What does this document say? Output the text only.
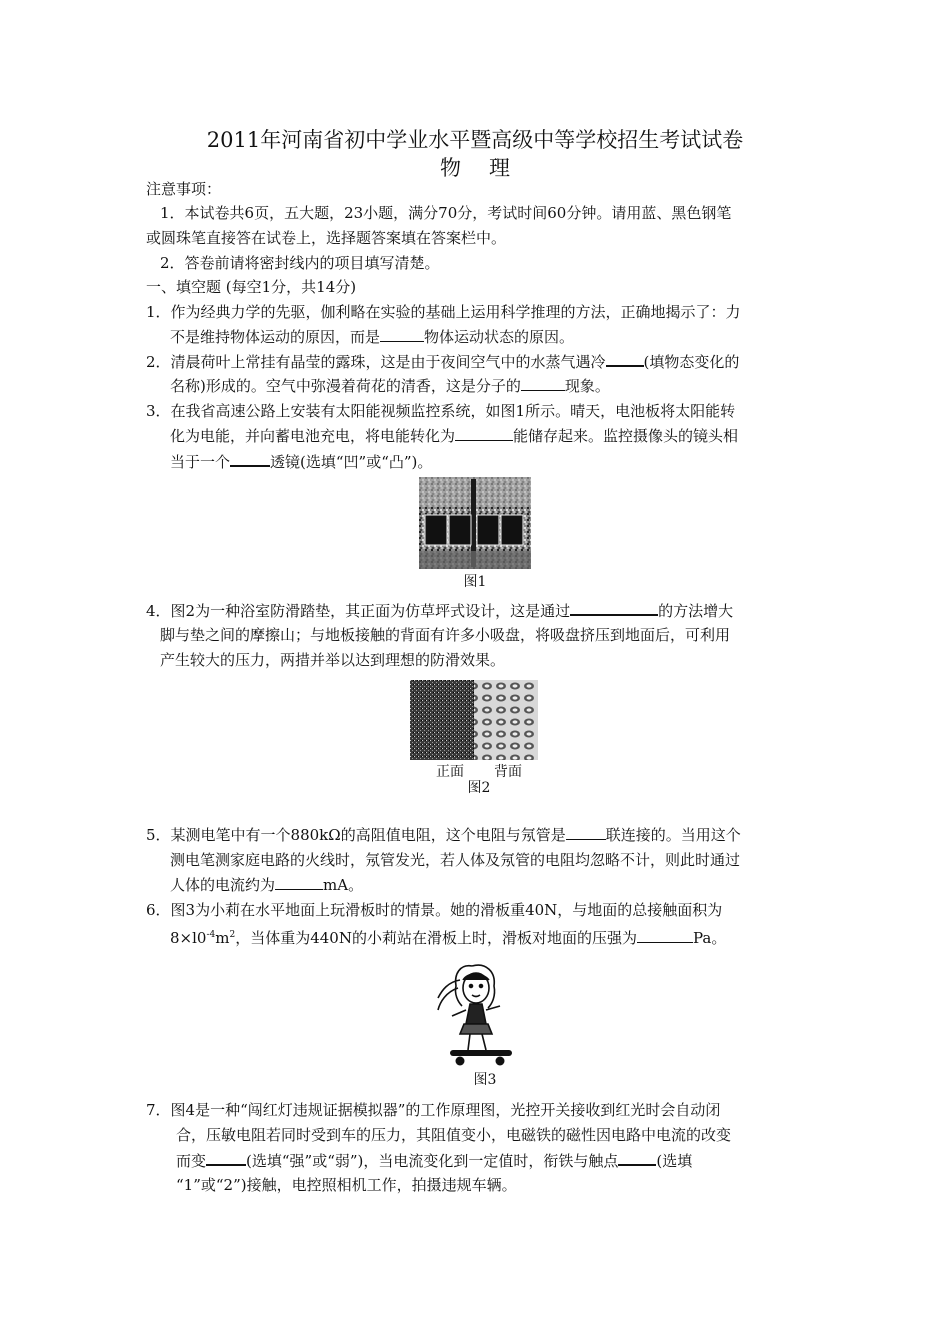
2011年河南省初中学业水平暨高级中等学校招生考试试卷
物理
注意事项：
1．本试卷共6页，五大题，23小题，满分70分，考试时间60分钟。请用蓝、黑色钢笔
或圆珠笔直接答在试卷上，选择题答案填在答案栏中。
2．答卷前请将密封线内的项目填写清楚。
一、填空题 (每空1分，共14分)
1．作为经典力学的先驱，伽利略在实验的基础上运用科学推理的方法，正确地揭示了：力
不是维持物体运动的原因，而是	物体运动状态的原因。
2．清晨荷叶上常挂有晶莹的露珠，这是由于夜间空气中的水蒸气遇冷	(填物态变化的
名称)形成的。空气中弥漫着荷花的清香，这是分子的	现象。
3．在我省高速公路上安装有太阳能视频监控系统，如图1所示。晴天，电池板将太阳能转
化为电能，并向蓄电池充电，将电能转化为	能储存起来。监控摄像头的镜头相
当于一个	透镜(选填“凹”或“凸”)。
图1
4．图2为一种浴室防滑踏垫，其正面为仿草坪式设计，这是通过	的方法增大
脚与垫之间的摩擦山；与地板接触的背面有许多小吸盘，将吸盘挤压到地面后，可利用
产生较大的压力，两措并举以达到理想的防滑效果。
正面	背面
图2
5．某测电笔中有一个880kΩ的高阻值电阻，这个电阻与氖管是	联连接的。当用这个
测电笔测家庭电路的火线时，氖管发光，若人体及氖管的电阻均忽略不计，则此时通过
人体的电流约为	mA。
6．图3为小莉在水平地面上玩滑板时的情景。她的滑板重40N，与地面的总接触面积为
$8\times l0^{-4}m^2$，当体重为440N的小莉站在滑板上时，滑板对地面的压强为	Pa。
图3
7．图4是一种“闯红灯违规证据模拟器”的工作原理图，光控开关接收到红光时会自动闭
合，压敏电阻若同时受到车的压力，其阻值变小，电磁铁的磁性因电路中电流的改变
而变	(选填“强”或“弱”)，当电流变化到一定值时，衔铁与触点	(选填
“1”或“2”)接触，电控照相机工作，拍摄违规车辆。
